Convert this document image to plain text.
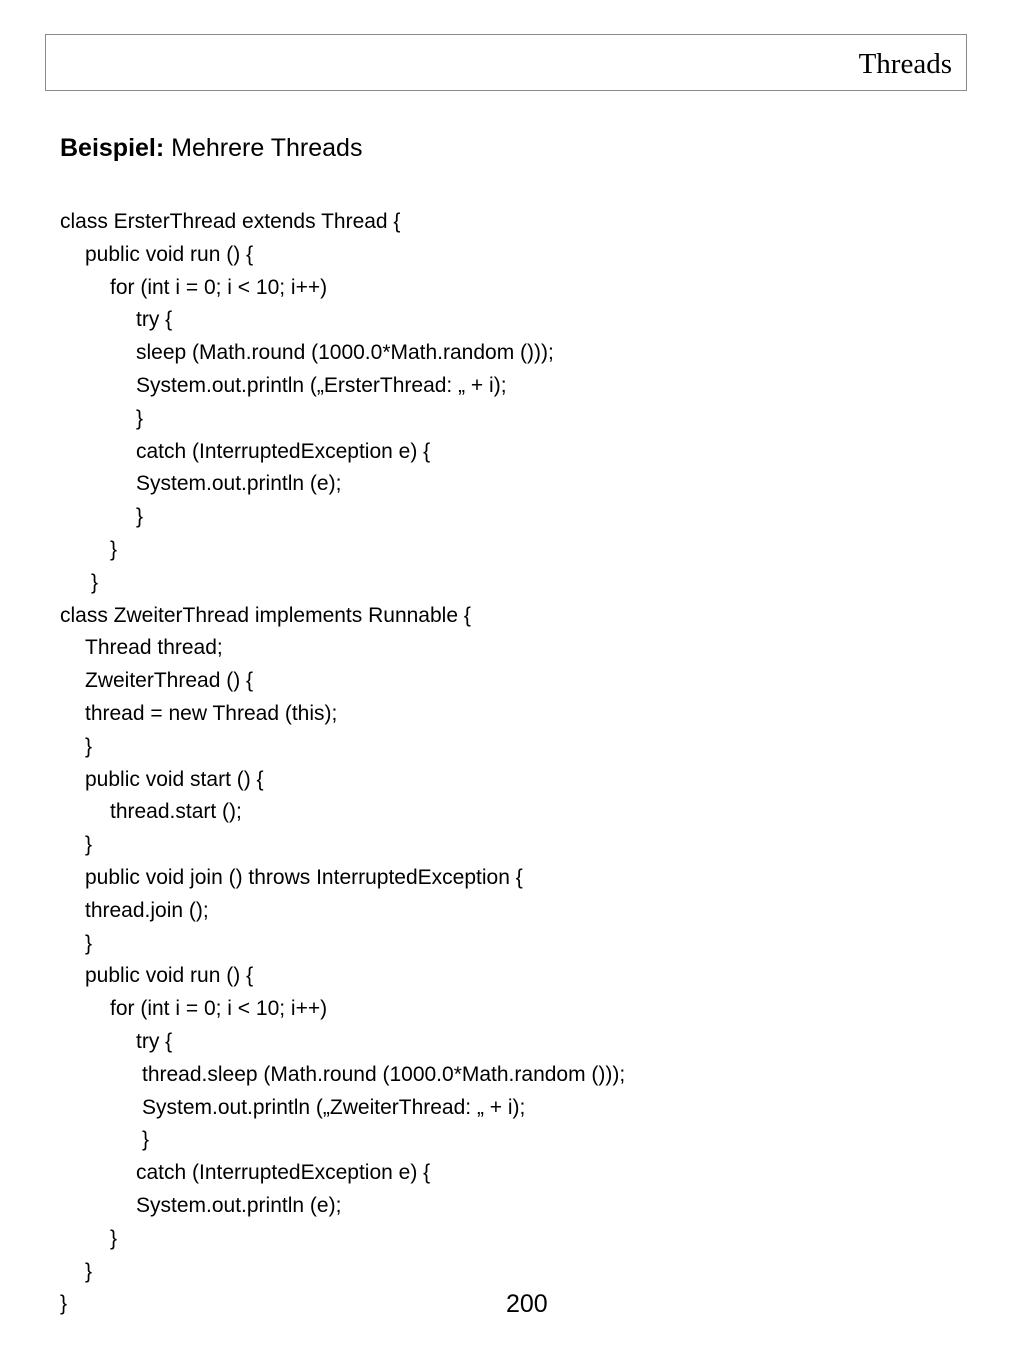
Threads
Beispiel: Mehrere Threads
class ErsterThread extends Thread {
public void run () {
for (int i = 0; i < 10; i++)
try {
sleep (Math.round (1000.0*Math.random ()));
System.out.println („ErsterThread: „ + i);
}
catch (InterruptedException e) {
System.out.println (e);
}
}
}
class ZweiterThread implements Runnable {
Thread thread;
ZweiterThread () {
thread = new Thread (this);
}
public void start () {
thread.start ();
}
public void join () throws InterruptedException {
thread.join ();
}
public void run () {
for (int i = 0; i < 10; i++)
try {
thread.sleep (Math.round (1000.0*Math.random ()));
System.out.println („ZweiterThread: „ + i);
}
catch (InterruptedException e) {
System.out.println (e);
}
}
}	200
